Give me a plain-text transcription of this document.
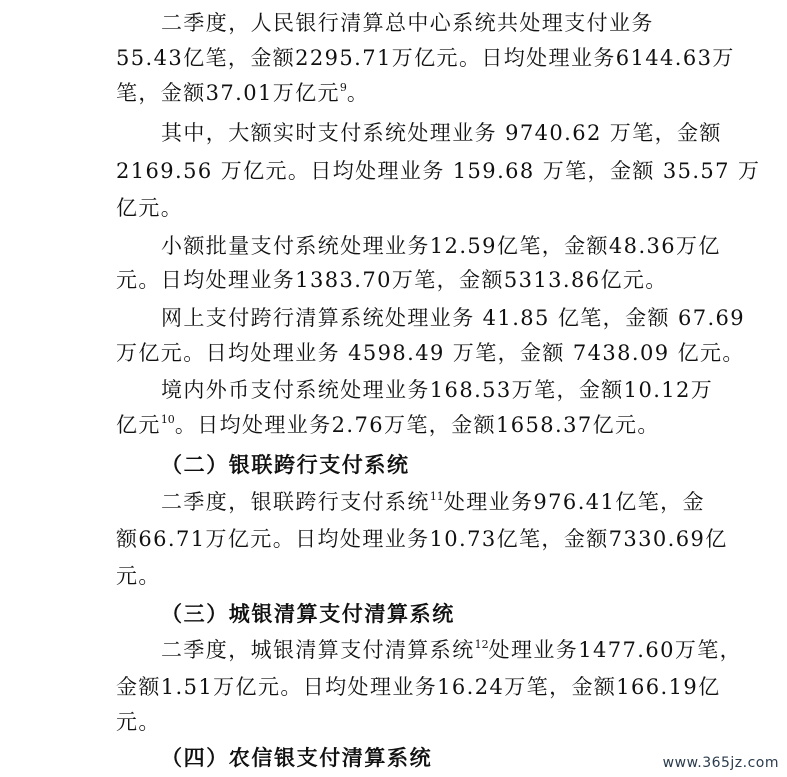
二季度，人民银行清算总中心系统共处理支付业务
55.43亿笔，金额2295.71万亿元。日均处理业务6144.63万
笔，金额37.01万亿元$^9$。
其中，大额实时支付系统处理业务 9740.62 万笔，金额
2169.56 万亿元。日均处理业务 159.68 万笔，金额 35.57 万
亿元。
小额批量支付系统处理业务12.59亿笔，金额48.36万亿
元。日均处理业务1383.70万笔，金额5313.86亿元。
网上支付跨行清算系统处理业务 41.85 亿笔，金额 67.69
万亿元。日均处理业务 4598.49 万笔，金额 7438.09 亿元。
境内外币支付系统处理业务168.53万笔，金额10.12万
亿元$^{10}$。日均处理业务2.76万笔，金额1658.37亿元。
（二）银联跨行支付系统
二季度，银联跨行支付系统$^{11}$处理业务976.41亿笔，金
额66.71万亿元。日均处理业务10.73亿笔，金额7330.69亿
元。
（三）城银清算支付清算系统
二季度，城银清算支付清算系统$^{12}$处理业务1477.60万笔，
金额1.51万亿元。日均处理业务16.24万笔，金额166.19亿
元。
（四）农信银支付清算系统	www.365jz.com
